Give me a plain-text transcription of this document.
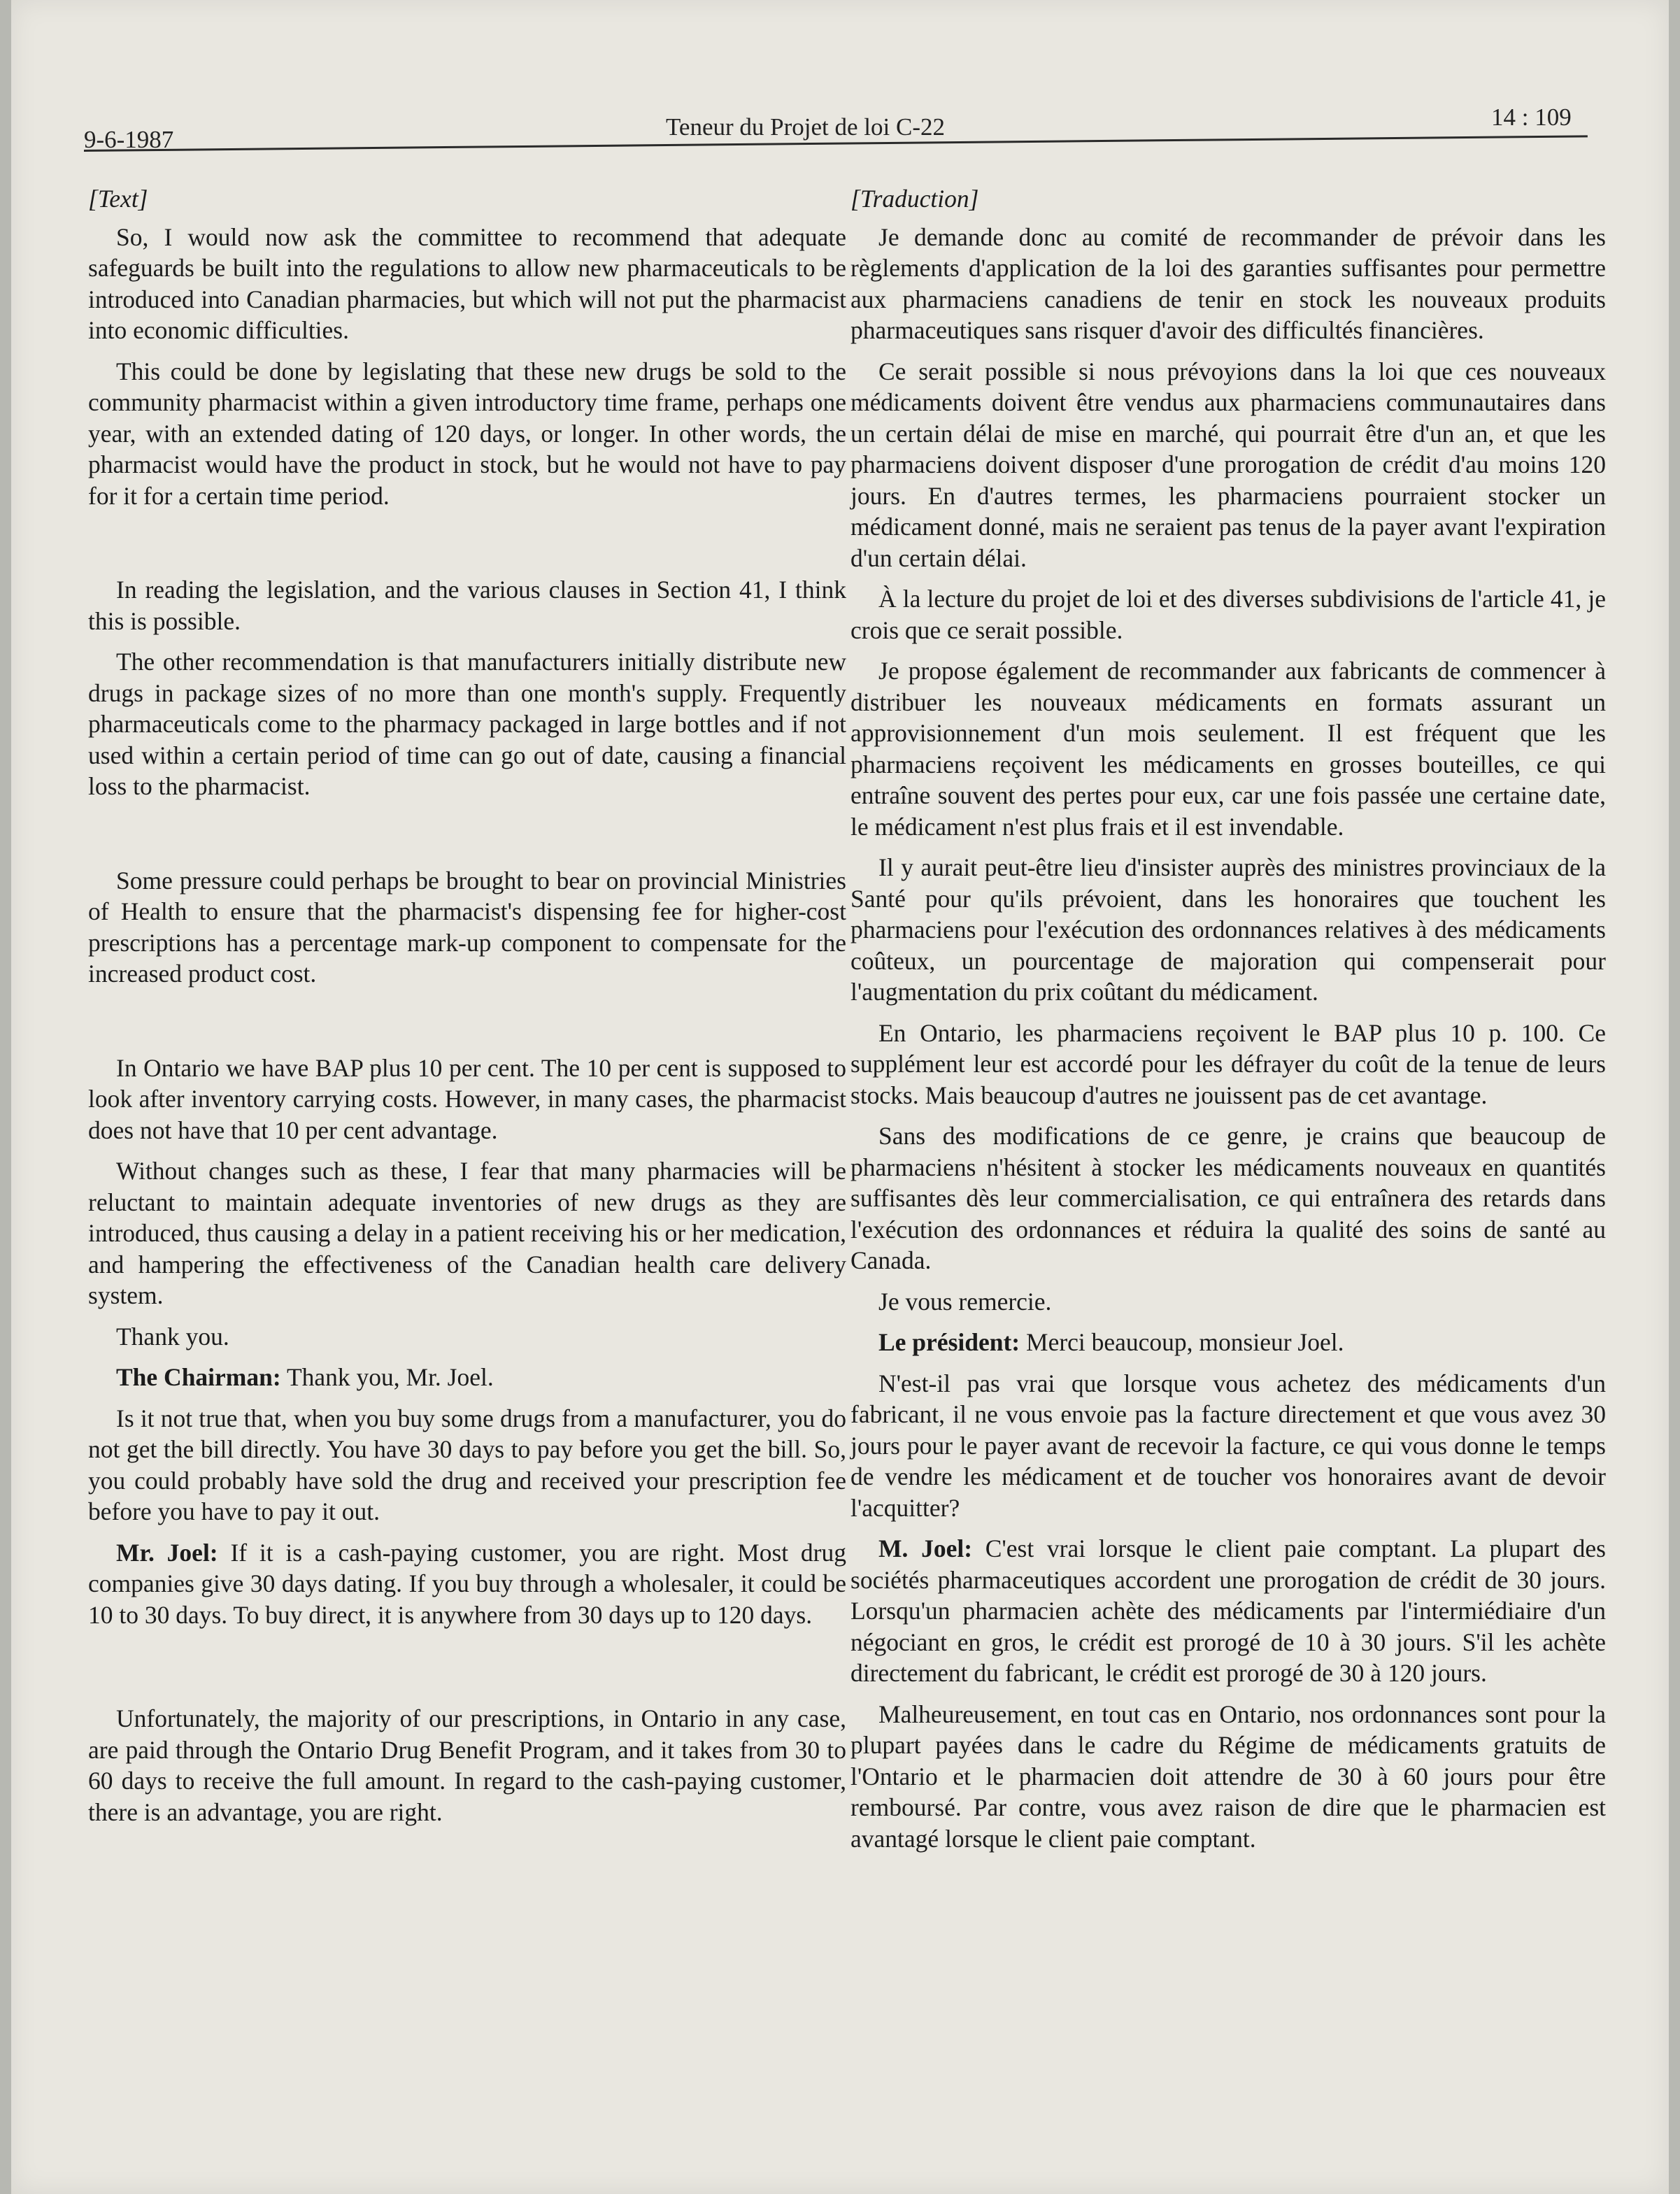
9-6-1987	Teneur du Projet de loi C-22	14 : 109

[Text]

So, I would now ask the committee to recommend that adequate safeguards be built into the regulations to allow new pharmaceuticals to be introduced into Canadian pharmacies, but which will not put the pharmacist into economic difficulties.

This could be done by legislating that these new drugs be sold to the community pharmacist within a given introductory time frame, perhaps one year, with an extended dating of 120 days, or longer. In other words, the pharmacist would have the product in stock, but he would not have to pay for it for a certain time period.

In reading the legislation, and the various clauses in Section 41, I think this is possible.

The other recommendation is that manufacturers initially distribute new drugs in package sizes of no more than one month's supply. Frequently pharmaceuticals come to the pharmacy packaged in large bottles and if not used within a certain period of time can go out of date, causing a financial loss to the pharmacist.

Some pressure could perhaps be brought to bear on provincial Ministries of Health to ensure that the pharmacist's dispensing fee for higher-cost prescriptions has a percentage mark-up component to compensate for the increased product cost.

In Ontario we have BAP plus 10 per cent. The 10 per cent is supposed to look after inventory carrying costs. However, in many cases, the pharmacist does not have that 10 per cent advantage.

Without changes such as these, I fear that many pharmacies will be reluctant to maintain adequate inventories of new drugs as they are introduced, thus causing a delay in a patient receiving his or her medication, and hampering the effectiveness of the Canadian health care delivery system.

Thank you.

The Chairman: Thank you, Mr. Joel.

Is it not true that, when you buy some drugs from a manufacturer, you do not get the bill directly. You have 30 days to pay before you get the bill. So, you could probably have sold the drug and received your prescription fee before you have to pay it out.

Mr. Joel: If it is a cash-paying customer, you are right. Most drug companies give 30 days dating. If you buy through a wholesaler, it could be 10 to 30 days. To buy direct, it is anywhere from 30 days up to 120 days.

Unfortunately, the majority of our prescriptions, in Ontario in any case, are paid through the Ontario Drug Benefit Program, and it takes from 30 to 60 days to receive the full amount. In regard to the cash-paying customer, there is an advantage, you are right.

[Traduction]

Je demande donc au comité de recommander de prévoir dans les règlements d'application de la loi des garanties suffisantes pour permettre aux pharmaciens canadiens de tenir en stock les nouveaux produits pharmaceutiques sans risquer d'avoir des difficultés financières.

Ce serait possible si nous prévoyions dans la loi que ces nouveaux médicaments doivent être vendus aux pharmaciens communautaires dans un certain délai de mise en marché, qui pourrait être d'un an, et que les pharmaciens doivent disposer d'une prorogation de crédit d'au moins 120 jours. En d'autres termes, les pharmaciens pourraient stocker un médicament donné, mais ne seraient pas tenus de la payer avant l'expiration d'un certain délai.

À la lecture du projet de loi et des diverses subdivisions de l'article 41, je crois que ce serait possible.

Je propose également de recommander aux fabricants de commencer à distribuer les nouveaux médicaments en formats assurant un approvisionnement d'un mois seulement. Il est fréquent que les pharmaciens reçoivent les médicaments en grosses bouteilles, ce qui entraîne souvent des pertes pour eux, car une fois passée une certaine date, le médicament n'est plus frais et il est invendable.

Il y aurait peut-être lieu d'insister auprès des ministres provinciaux de la Santé pour qu'ils prévoient, dans les honoraires que touchent les pharmaciens pour l'exécution des ordonnances relatives à des médicaments coûteux, un pourcentage de majoration qui compenserait pour l'augmentation du prix coûtant du médicament.

En Ontario, les pharmaciens reçoivent le BAP plus 10 p. 100. Ce supplément leur est accordé pour les défrayer du coût de la tenue de leurs stocks. Mais beaucoup d'autres ne jouissent pas de cet avantage.

Sans des modifications de ce genre, je crains que beaucoup de pharmaciens n'hésitent à stocker les médicaments nouveaux en quantités suffisantes dès leur commercialisation, ce qui entraînera des retards dans l'exécution des ordonnances et réduira la qualité des soins de santé au Canada.

Je vous remercie.

Le président: Merci beaucoup, monsieur Joel.

N'est-il pas vrai que lorsque vous achetez des médicaments d'un fabricant, il ne vous envoie pas la facture directement et que vous avez 30 jours pour le payer avant de recevoir la facture, ce qui vous donne le temps de vendre les médicament et de toucher vos honoraires avant de devoir l'acquitter?

M. Joel: C'est vrai lorsque le client paie comptant. La plupart des sociétés pharmaceutiques accordent une prorogation de crédit de 30 jours. Lorsqu'un pharmacien achète des médicaments par l'intermiédiaire d'un négociant en gros, le crédit est prorogé de 10 à 30 jours. S'il les achète directement du fabricant, le crédit est prorogé de 30 à 120 jours.

Malheureusement, en tout cas en Ontario, nos ordonnances sont pour la plupart payées dans le cadre du Régime de médicaments gratuits de l'Ontario et le pharmacien doit attendre de 30 à 60 jours pour être remboursé. Par contre, vous avez raison de dire que le pharmacien est avantagé lorsque le client paie comptant.
